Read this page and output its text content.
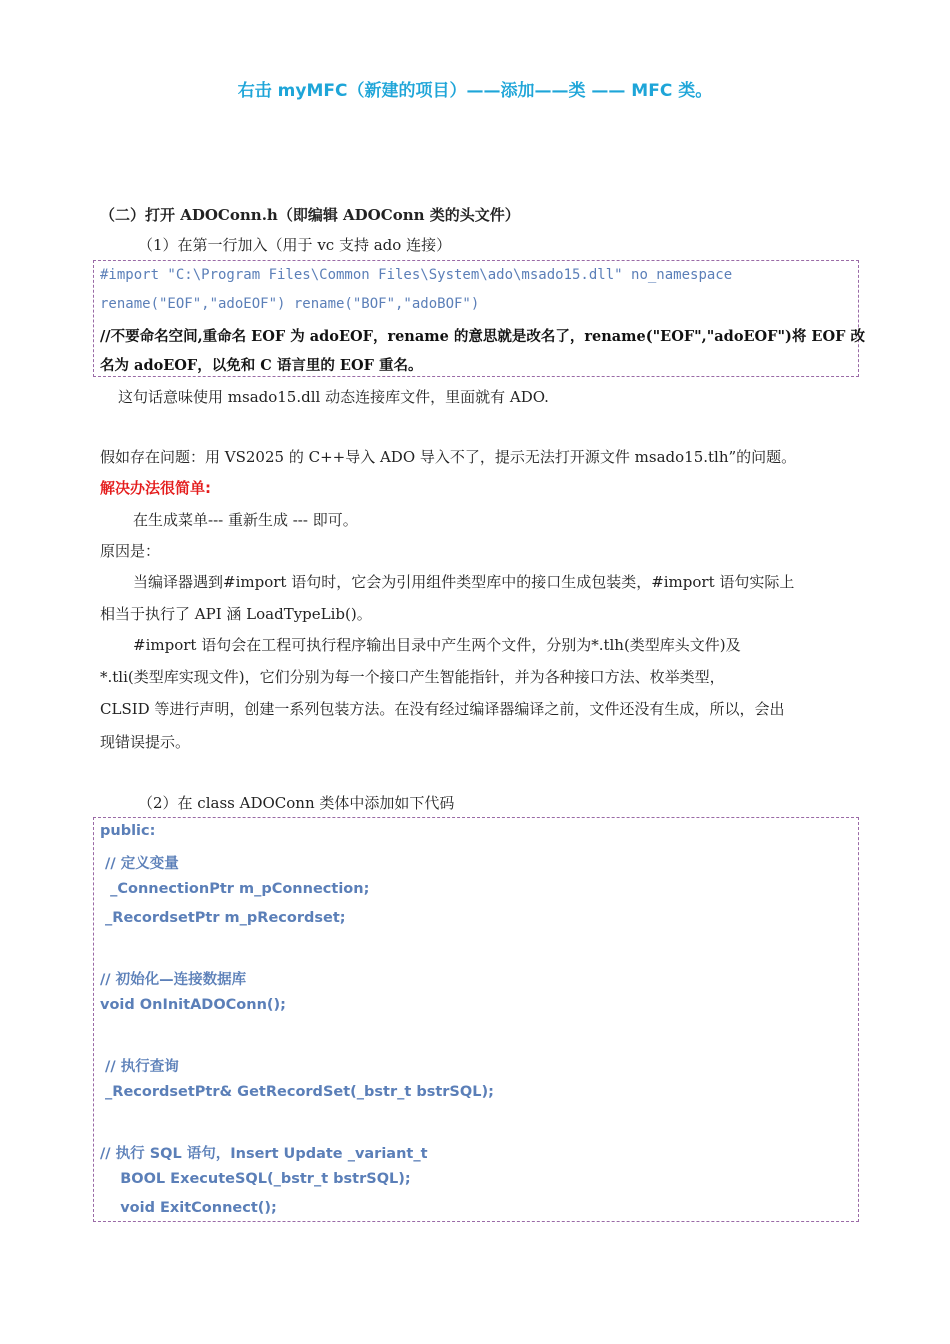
右击 myMFC（新建的项目）——添加——类 —— MFC 类。
（二）打开 ADOConn.h（即编辑 ADOConn 类的头文件）
（1）在第一行加入（用于 vc 支持 ado 连接）
#import "C:\Program Files\Common Files\System\ado\msado15.dll" no_namespace
rename("EOF","adoEOF") rename("BOF","adoBOF")
//不要命名空间,重命名 EOF 为 adoEOF，rename 的意思就是改名了，rename("EOF","adoEOF")将 EOF 改
名为 adoEOF，以免和 C 语言里的 EOF 重名。
这句话意味使用 msado15.dll 动态连接库文件，里面就有 ADO.
假如存在问题：用 VS2025 的 C++导入 ADO 导入不了，提示无法打开源文件 msado15.tlh”的问题。
解决办法很简单:
在生成菜单--- 重新生成 --- 即可。
原因是：
当编译器遇到#import 语句时，它会为引用组件类型库中的接口生成包装类，#import 语句实际上
相当于执行了 API 涵 LoadTypeLib()。
#import 语句会在工程可执行程序输出目录中产生两个文件，分别为*.tlh(类型库头文件)及
*.tli(类型库实现文件)，它们分别为每一个接口产生智能指针，并为各种接口方法、枚举类型，
CLSID 等进行声明，创建一系列包装方法。在没有经过编译器编译之前，文件还没有生成，所以，会出
现错误提示。
（2）在 class ADOConn 类体中添加如下代码
public:
// 定义变量
_ConnectionPtr m_pConnection;
_RecordsetPtr m_pRecordset;
// 初始化—连接数据库
void OnInitADOConn();
// 执行查询
_RecordsetPtr& GetRecordSet(_bstr_t bstrSQL);
// 执行 SQL 语句，Insert Update _variant_t
BOOL ExecuteSQL(_bstr_t bstrSQL);
void ExitConnect();
